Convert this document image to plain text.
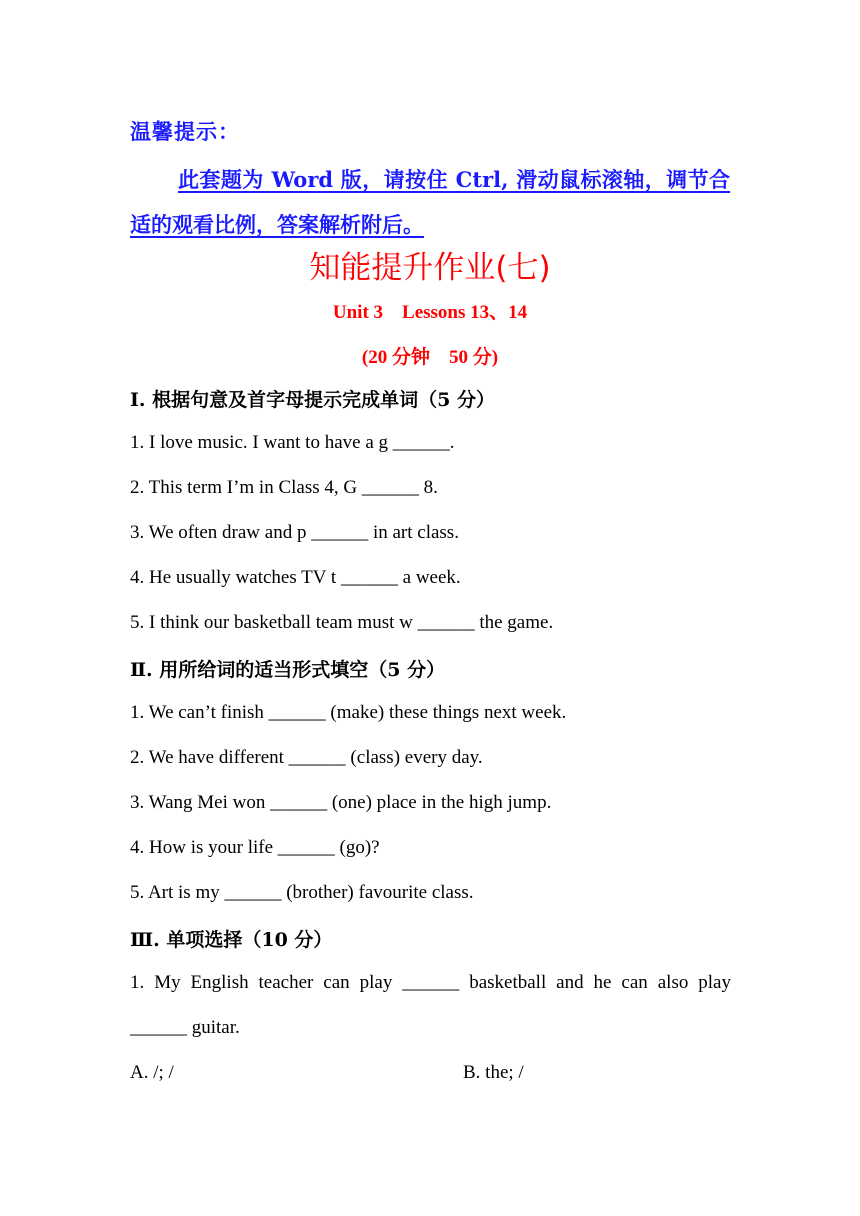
温馨提示：
此套题为 Word 版，请按住 Ctrl, 滑动鼠标滚轴，调节合适的观看比例，答案解析附后。
知能提升作业(七)
Unit 3　Lessons 13、14
(20 分钟　50 分)
Ⅰ. 根据句意及首字母提示完成单词（5 分）
1. I love music. I want to have a g ______.
2. This term I’m in Class 4, G ______ 8.
3. We often draw and p ______ in art class.
4. He usually watches TV t ______ a week.
5. I think our basketball team must w ______ the game.
Ⅱ. 用所给词的适当形式填空（5 分）
1. We can’t finish ______ (make) these things next week.
2. We have different ______ (class) every day.
3. Wang Mei won ______ (one) place in the high jump.
4. How is your life ______ (go)?
5. Art is my ______ (brother) favourite class.
Ⅲ. 单项选择（10 分）
1. My English teacher can play ______ basketball and he can also play
______ guitar.
A. /; /	B. the; /
